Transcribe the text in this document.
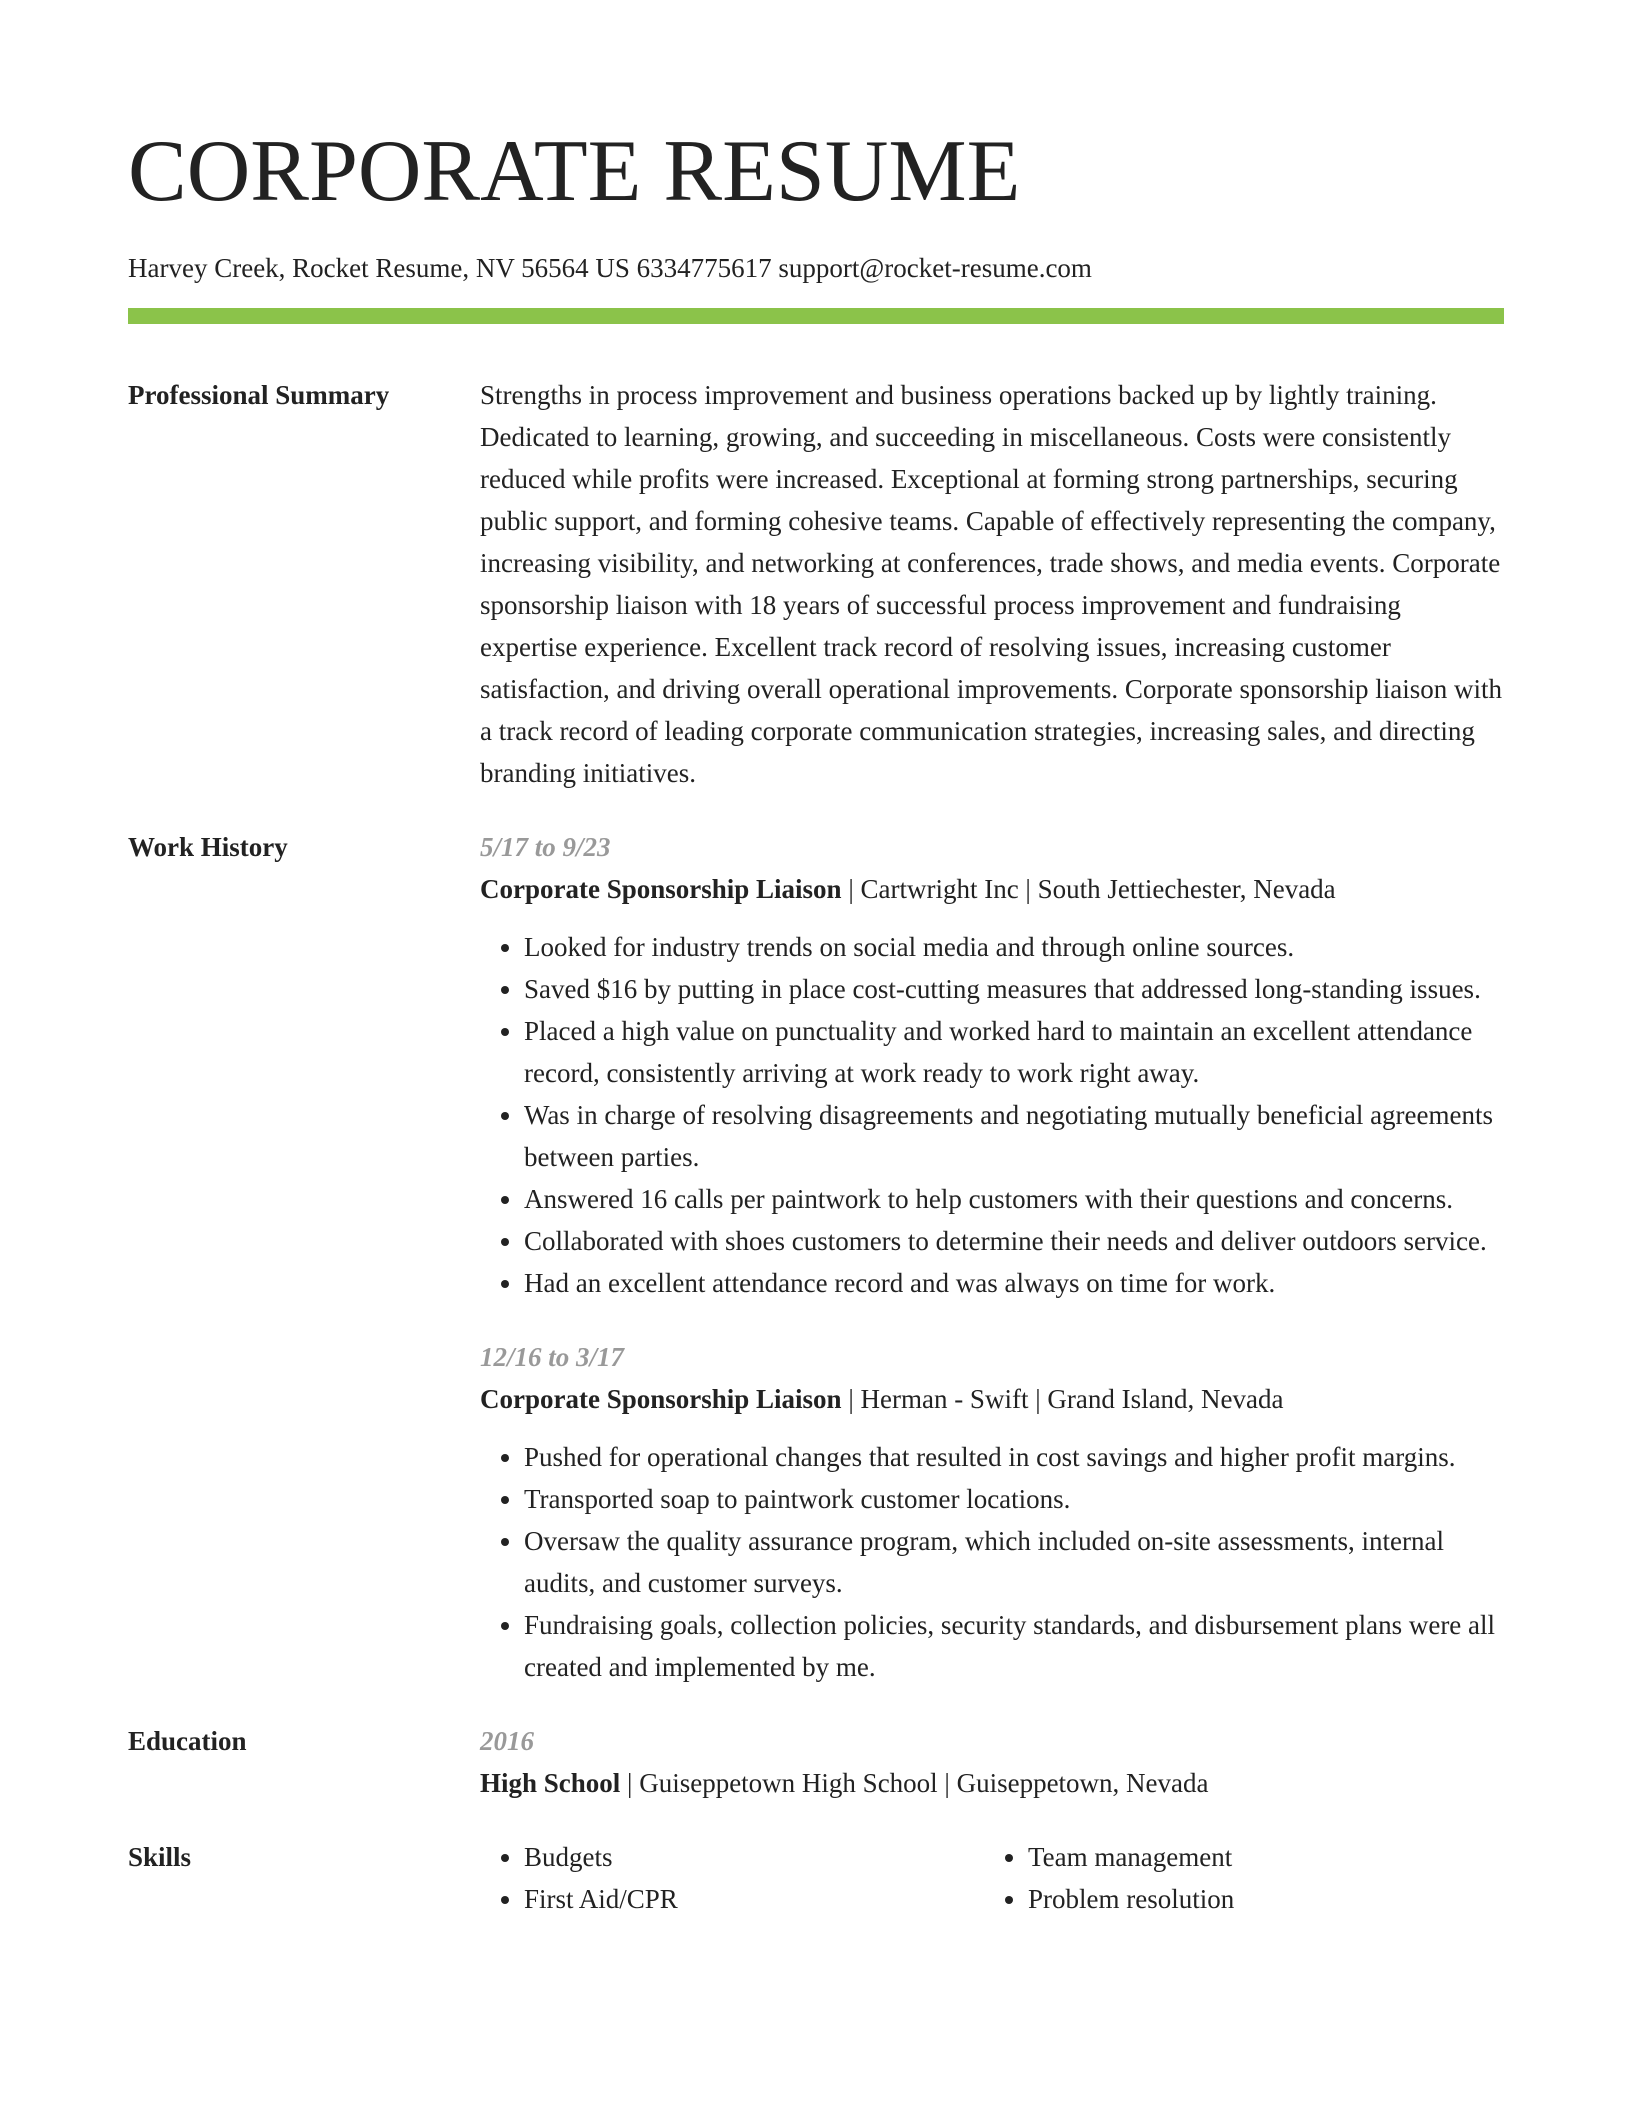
CORPORATE RESUME
Harvey Creek, Rocket Resume, NV 56564 US 6334775617 support@rocket-resume.com
Professional Summary	Strengths in process improvement and business operations backed up by lightly training. Dedicated to learning, growing, and succeeding in miscellaneous. Costs were consistently reduced while profits were increased. Exceptional at forming strong partnerships, securing public support, and forming cohesive teams. Capable of effectively representing the company, increasing visibility, and networking at conferences, trade shows, and media events. Corporate sponsorship liaison with 18 years of successful process improvement and fundraising expertise experience. Excellent track record of resolving issues, increasing customer satisfaction, and driving overall operational improvements. Corporate sponsorship liaison with a track record of leading corporate communication strategies, increasing sales, and directing branding initiatives.
Work History	5/17 to 9/23
Corporate Sponsorship Liaison | Cartwright Inc | South Jettiechester, Nevada
• Looked for industry trends on social media and through online sources.
• Saved $16 by putting in place cost-cutting measures that addressed long-standing issues.
• Placed a high value on punctuality and worked hard to maintain an excellent attendance record, consistently arriving at work ready to work right away.
• Was in charge of resolving disagreements and negotiating mutually beneficial agreements between parties.
• Answered 16 calls per paintwork to help customers with their questions and concerns.
• Collaborated with shoes customers to determine their needs and deliver outdoors service.
• Had an excellent attendance record and was always on time for work.
12/16 to 3/17
Corporate Sponsorship Liaison | Herman - Swift | Grand Island, Nevada
• Pushed for operational changes that resulted in cost savings and higher profit margins.
• Transported soap to paintwork customer locations.
• Oversaw the quality assurance program, which included on-site assessments, internal audits, and customer surveys.
• Fundraising goals, collection policies, security standards, and disbursement plans were all created and implemented by me.
Education	2016
High School | Guiseppetown High School | Guiseppetown, Nevada
Skills
•	Budgets
• First Aid/CPR
• Team management
• Problem resolution
